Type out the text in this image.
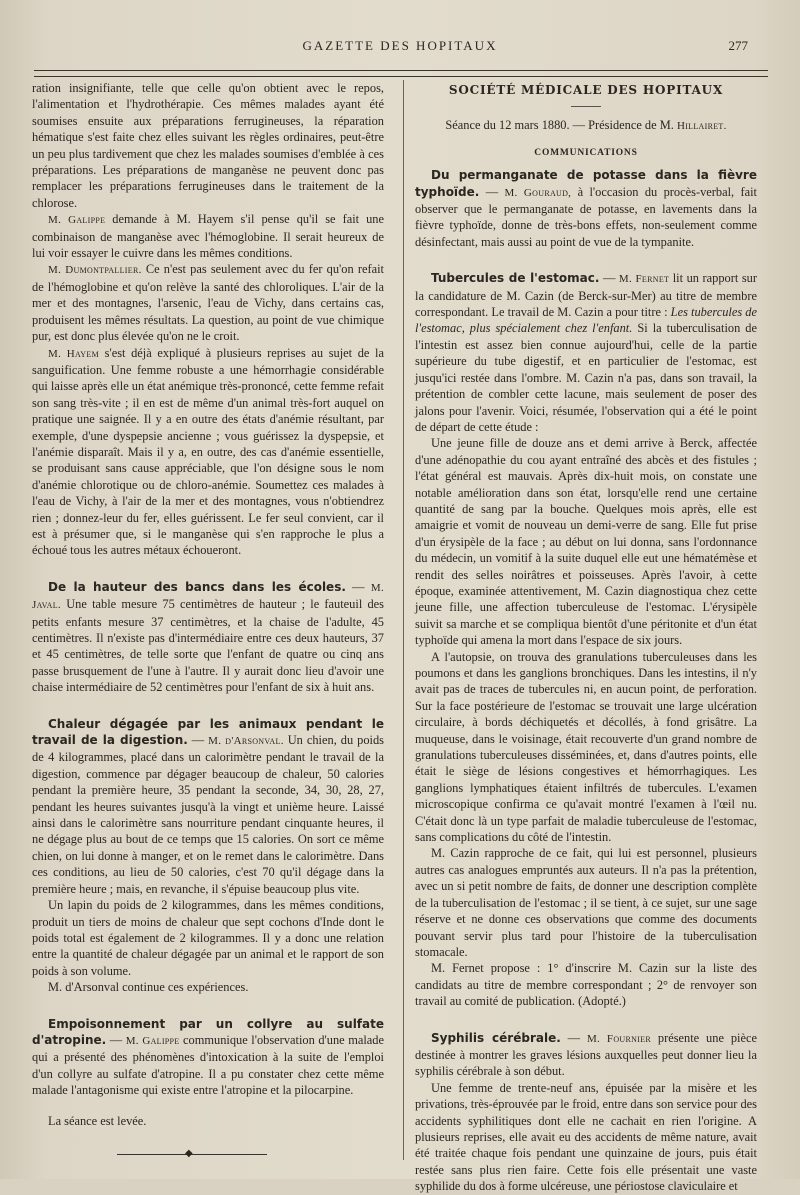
GAZETTE DES HOPITAUX	277

ration insignifiante, telle que celle qu'on obtient avec le repos, l'alimentation et l'hydrothérapie. Ces mêmes malades ayant été soumises ensuite aux préparations ferrugineuses, la réparation hématique s'est faite chez elles suivant les règles ordinaires, peut-être un peu plus tardivement que chez les malades soumises d'emblée à ces préparations. Les préparations de manganèse ne peuvent donc pas remplacer les préparations ferrugineuses dans le traitement de la chlorose.

M. Galippe demande à M. Hayem s'il pense qu'il se fait une combinaison de manganèse avec l'hémoglobine. Il serait heureux de lui voir essayer le cuivre dans les mêmes conditions.

M. Dumontpallier. Ce n'est pas seulement avec du fer qu'on refait de l'hémoglobine et qu'on relève la santé des chloroliques. L'air de la mer et des montagnes, l'arsenic, l'eau de Vichy, dans certains cas, produisent les mêmes résultats. La question, au point de vue chimique pur, est donc plus élevée qu'on ne le croit.

M. Hayem s'est déjà expliqué à plusieurs reprises au sujet de la sanguification. Une femme robuste a une hémorrhagie considérable qui laisse après elle un état anémique très-prononcé, cette femme refait son sang très-vite ; il en est de même d'un animal très-fort auquel on pratique une saignée. Il y a en outre des états d'anémie résultant, par exemple, d'une dyspepsie ancienne ; vous guérissez la dyspepsie, et l'anémie disparaît. Mais il y a, en outre, des cas d'anémie essentielle, se produisant sans cause appréciable, que l'on désigne sous le nom d'anémie chlorotique ou de chloro-anémie. Soumettez ces malades à l'eau de Vichy, à l'air de la mer et des montagnes, vous n'obtiendrez rien ; donnez-leur du fer, elles guérissent. Le fer seul convient, car il est à présumer que, si le manganèse qui s'en rapproche le plus a échoué tous les autres métaux échoueront.

De la hauteur des bancs dans les écoles. — M. Javal. Une table mesure 75 centimètres de hauteur ; le fauteuil des petits enfants mesure 37 centimètres, et la chaise de l'adulte, 45 centimètres. Il n'existe pas d'intermédiaire entre ces deux hauteurs, 37 et 45 centimètres, de telle sorte que l'enfant de quatre ou cinq ans passe brusquement de l'une à l'autre. Il y aurait donc lieu d'avoir une chaise intermédiaire de 52 centimètres pour l'enfant de six à huit ans.

Chaleur dégagée par les animaux pendant le travail de la digestion. — M. d'Arsonval. Un chien, du poids de 4 kilogrammes, placé dans un calorimètre pendant le travail de la digestion, commence par dégager beaucoup de chaleur, 50 calories pendant la première heure, 35 pendant la seconde, 34, 30, 28, 27, pendant les heures suivantes jusqu'à la vingt et unième heure. Laissé ainsi dans le calorimètre sans nourriture pendant cinquante heures, il ne dégage plus au bout de ce temps que 15 calories. On sort ce même chien, on lui donne à manger, et on le remet dans le calorimètre. Dans ces conditions, au lieu de 50 calories, c'est 70 qu'il dégage dans la première heure ; mais, en revanche, il s'épuise beaucoup plus vite.

Un lapin du poids de 2 kilogrammes, dans les mêmes conditions, produit un tiers de moins de chaleur que sept cochons d'Inde dont le poids total est également de 2 kilogrammes. Il y a donc une relation entre la quantité de chaleur dégagée par un animal et le rapport de son poids à son volume.

M. d'Arsonval continue ces expériences.

Empoisonnement par un collyre au sulfate d'atropine. — M. Galippe communique l'observation d'une malade qui a présenté des phénomènes d'intoxication à la suite de l'emploi d'un collyre au sulfate d'atropine. Il a pu constater chez cette même malade l'antagonisme qui existe entre l'atropine et la pilocarpine.

La séance est levée.

◆
SOCIÉTÉ MÉDICALE DES HOPITAUX
Séance du 12 mars 1880. — Présidence de M. Hillairet.
COMMUNICATIONS

Du permanganate de potasse dans la fièvre typhoïde. — M. Gouraud, à l'occasion du procès-verbal, fait observer que le permanganate de potasse, en lavements dans la fièvre typhoïde, donne de très-bons effets, non-seulement comme désinfectant, mais aussi au point de vue de la tympanite.

Tubercules de l'estomac. — M. Fernet lit un rapport sur la candidature de M. Cazin (de Berck-sur-Mer) au titre de membre correspondant. Le travail de M. Cazin a pour titre : Les tubercules de l'estomac, plus spécialement chez l'enfant. Si la tuberculisation de l'intestin est assez bien connue aujourd'hui, celle de la partie supérieure du tube digestif, et en particulier de l'estomac, est jusqu'ici restée dans l'ombre. M. Cazin n'a pas, dans son travail, la prétention de combler cette lacune, mais seulement de poser des jalons pour l'avenir. Voici, résumée, l'observation qui a été le point de départ de cette étude :

Une jeune fille de douze ans et demi arrive à Berck, affectée d'une adénopathie du cou ayant entraîné des abcès et des fistules ; l'état général est mauvais. Après dix-huit mois, on constate une notable amélioration dans son état, lorsqu'elle rend une certaine quantité de sang par la bouche. Quelques mois après, elle est amaigrie et vomit de nouveau un demi-verre de sang. Elle fut prise d'un érysipèle de la face ; au début on lui donna, sans l'ordonnance du médecin, un vomitif à la suite duquel elle eut une hématémèse et rendit des selles noirâtres et poisseuses. Après l'avoir, à cette époque, examinée attentivement, M. Cazin diagnostiqua chez cette jeune fille, une affection tuberculeuse de l'estomac. L'érysipèle suivit sa marche et se compliqua bientôt d'une péritonite et d'un état typhoïde qui amena la mort dans l'espace de six jours.

A l'autopsie, on trouva des granulations tuberculeuses dans les poumons et dans les ganglions bronchiques. Dans les intestins, il n'y avait pas de traces de tubercules ni, en aucun point, de perforation. Sur la face postérieure de l'estomac se trouvait une large ulcération circulaire, à bords déchiquetés et décollés, à fond grisâtre. La muqueuse, dans le voisinage, était recouverte d'un grand nombre de granulations tuberculeuses disséminées, et, dans d'autres points, elle était le siège de lésions congestives et hémorrhagiques. Les ganglions lymphatiques étaient infiltrés de tubercules. L'examen microscopique confirma ce qu'avait montré l'examen à l'œil nu. C'était donc là un type parfait de maladie tuberculeuse de l'estomac, sans complications du côté de l'intestin.

M. Cazin rapproche de ce fait, qui lui est personnel, plusieurs autres cas analogues empruntés aux auteurs. Il n'a pas la prétention, avec un si petit nombre de faits, de donner une description complète de la tuberculisation de l'estomac ; il se tient, à ce sujet, sur une sage réserve et ne donne ces observations que comme des documents pouvant servir plus tard pour l'histoire de la tuberculisation stomacale.

M. Fernet propose : 1° d'inscrire M. Cazin sur la liste des candidats au titre de membre correspondant ; 2° de renvoyer son travail au comité de publication. (Adopté.)

Syphilis cérébrale. — M. Fournier présente une pièce destinée à montrer les graves lésions auxquelles peut donner lieu la syphilis cérébrale à son début.

Une femme de trente-neuf ans, épuisée par la misère et les privations, très-éprouvée par le froid, entre dans son service pour des accidents syphilitiques dont elle ne cachait en rien l'origine. A plusieurs reprises, elle avait eu des accidents de même nature, avait été traitée chaque fois pendant une quinzaine de jours, puis était restée sans plus rien faire. Cette fois elle présentait une vaste syphilide du dos à forme ulcéreuse, une périostose claviculaire et
